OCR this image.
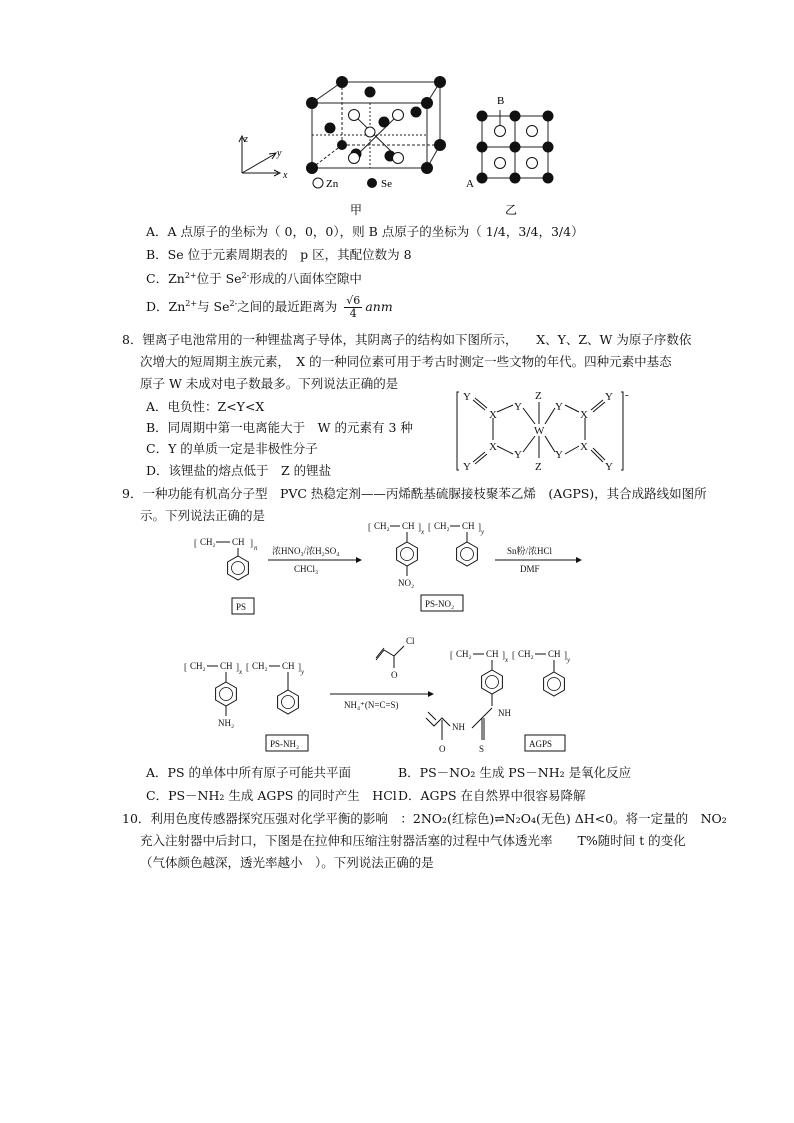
z
y
x
Zn	Se
甲
B
A
乙
A．A 点原子的坐标为（ 0，0，0），则 B 点原子的坐标为（ 1/4，3/4，3/4）
B．Se 位于元素周期表的　p 区，其配位数为 8
C．$Zn^{2+}$位于 $Se^{2-}$形成的八面体空隙中
D．$Zn^{2+}$与 $Se^{2-}$之间的最近距离为 $\frac{√6}{4}$ anm
8．锂离子电池常用的一种锂盐离子导体，其阴离子的结构如下图所示，　　X、Y、Z、W 为原子序数依
次增大的短周期主族元素，　X 的一种同位素可用于考古时测定一些文物的年代。四种元素中基态
原子 W 未成对电子数最多。下列说法正确的是
A．电负性：Z<Y<X
B．同周期中第一电离能大于　W 的元素有 3 种
C．Y 的单质一定是非极性分子
D．该锂盐的熔点低于　Z 的锂盐
Y
X
X
Y
Y
Y
Z
W
Z
Y
Y
X
X
Y
Y
-
9．一种功能有机高分子型　PVC 热稳定剂——丙烯酰基硫脲接枝聚苯乙烯　(AGPS)，其合成路线如图所
示。下列说法正确的是
[ CH₂ CH ] n
PS
浓HNO₃/浓H₂SO₄
CHCl₃
[ CH₂ CH ] x [ CH₂ CH ] y
NO₂
PS-NO₂
Sn粉/浓HCl
DMF
[ CH₂ CH ] x [ CH₂ CH ] y
NH₂
PS-NH₂
O
Cl
NH₄⁺(N=C=S)
[ CH₂ CH ] x [ CH₂ CH ] y
NH
S
NH
O	AGPS
A．PS 的单体中所有原子可能共平面	B．PS－NO₂ 生成 PS－NH₂ 是氧化反应
C．PS－NH₂ 生成 AGPS 的同时产生　HCl D．AGPS 在自然界中很容易降解
10．利用色度传感器探究压强对化学平衡的影响　：2NO₂(红棕色)⇌N₂O₄(无色) ΔH<0。将一定量的　NO₂
充入注射器中后封口，下图是在拉伸和压缩注射器活塞的过程中气体透光率　　T%随时间 t 的变化
（气体颜色越深，透光率越小　）。下列说法正确的是
